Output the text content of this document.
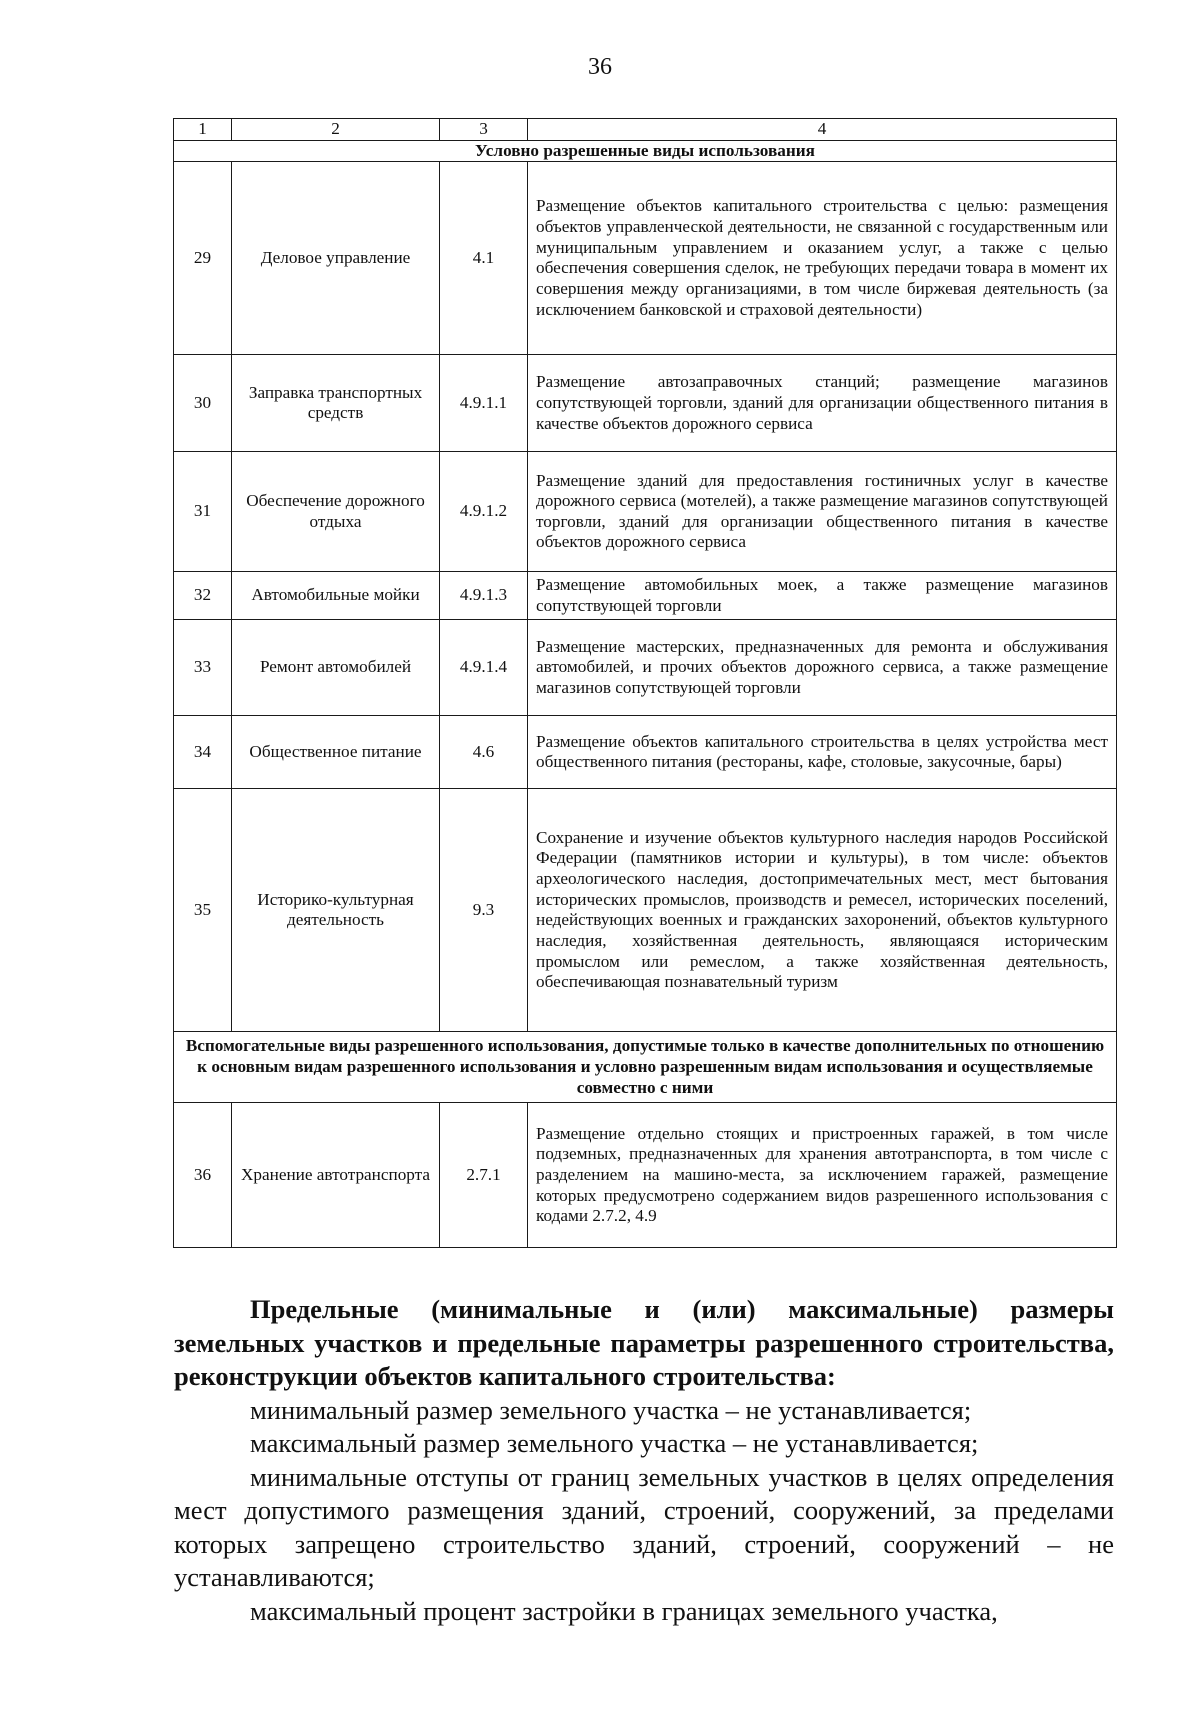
36
1	2	3	4
Условно разрешенные виды использования			
29	Деловое управление	4.1	Размещение объектов капитального строительства с целью: размещения объектов управленческой деятельности, не связанной с государственным или муниципальным управлением и оказанием услуг, а также с целью обеспечения совершения сделок, не требующих передачи товара в момент их совершения между организациями, в том числе биржевая деятельность (за исключением банковской и страховой деятельности)
30	Заправка транспортных средств	4.9.1.1	Размещение автозаправочных станций; размещение магазинов сопутствующей торговли, зданий для организации общественного питания в качестве объектов дорожного сервиса
31	Обеспечение дорожного отдыха	4.9.1.2	Размещение зданий для предоставления гостиничных услуг в качестве дорожного сервиса (мотелей), а также размещение магазинов сопутствующей торговли, зданий для организации общественного питания в качестве объектов дорожного сервиса
32	Автомобильные мойки	4.9.1.3	Размещение автомобильных моек, а также размещение магазинов сопутствующей торговли
33	Ремонт автомобилей	4.9.1.4	Размещение мастерских, предназначенных для ремонта и обслуживания автомобилей, и прочих объектов дорожного сервиса, а также размещение магазинов сопутствующей торговли
34	Общественное питание	4.6	Размещение объектов капитального строительства в целях устройства мест общественного питания (рестораны, кафе, столовые, закусочные, бары)
35	Историко-культурная деятельность	9.3	Сохранение и изучение объектов культурного наследия народов Российской Федерации (памятников истории и культуры), в том числе: объектов археологического наследия, достопримечательных мест, мест бытования исторических промыслов, производств и ремесел, исторических поселений, недействующих военных и гражданских захоронений, объектов культурного наследия, хозяйственная деятельность, являющаяся историческим промыслом или ремеслом, а также хозяйственная деятельность, обеспечивающая познавательный туризм
Вспомогательные виды разрешенного использования, допустимые только в качестве дополнительных по отношению к основным видам разрешенного использования и условно разрешенным видам использования и осуществляемые совместно с ними			
36	Хранение автотранспорта	2.7.1	Размещение отдельно стоящих и пристроенных гаражей, в том числе подземных, предназначенных для хранения автотранспорта, в том числе с разделением на машино-места, за исключением гаражей, размещение которых предусмотрено содержанием видов разрешенного использования с кодами 2.7.2, 4.9

Предельные (минимальные и (или) максимальные) размеры земельных участков и предельные параметры разрешенного строительства, реконструкции объектов капитального строительства:

минимальный размер земельного участка – не устанавливается;

максимальный размер земельного участка – не устанавливается;

минимальные отступы от границ земельных участков в целях определения мест допустимого размещения зданий, строений, сооружений, за пределами которых запрещено строительство зданий, строений, сооружений – не устанавливаются;

максимальный процент застройки в границах земельного участка,
